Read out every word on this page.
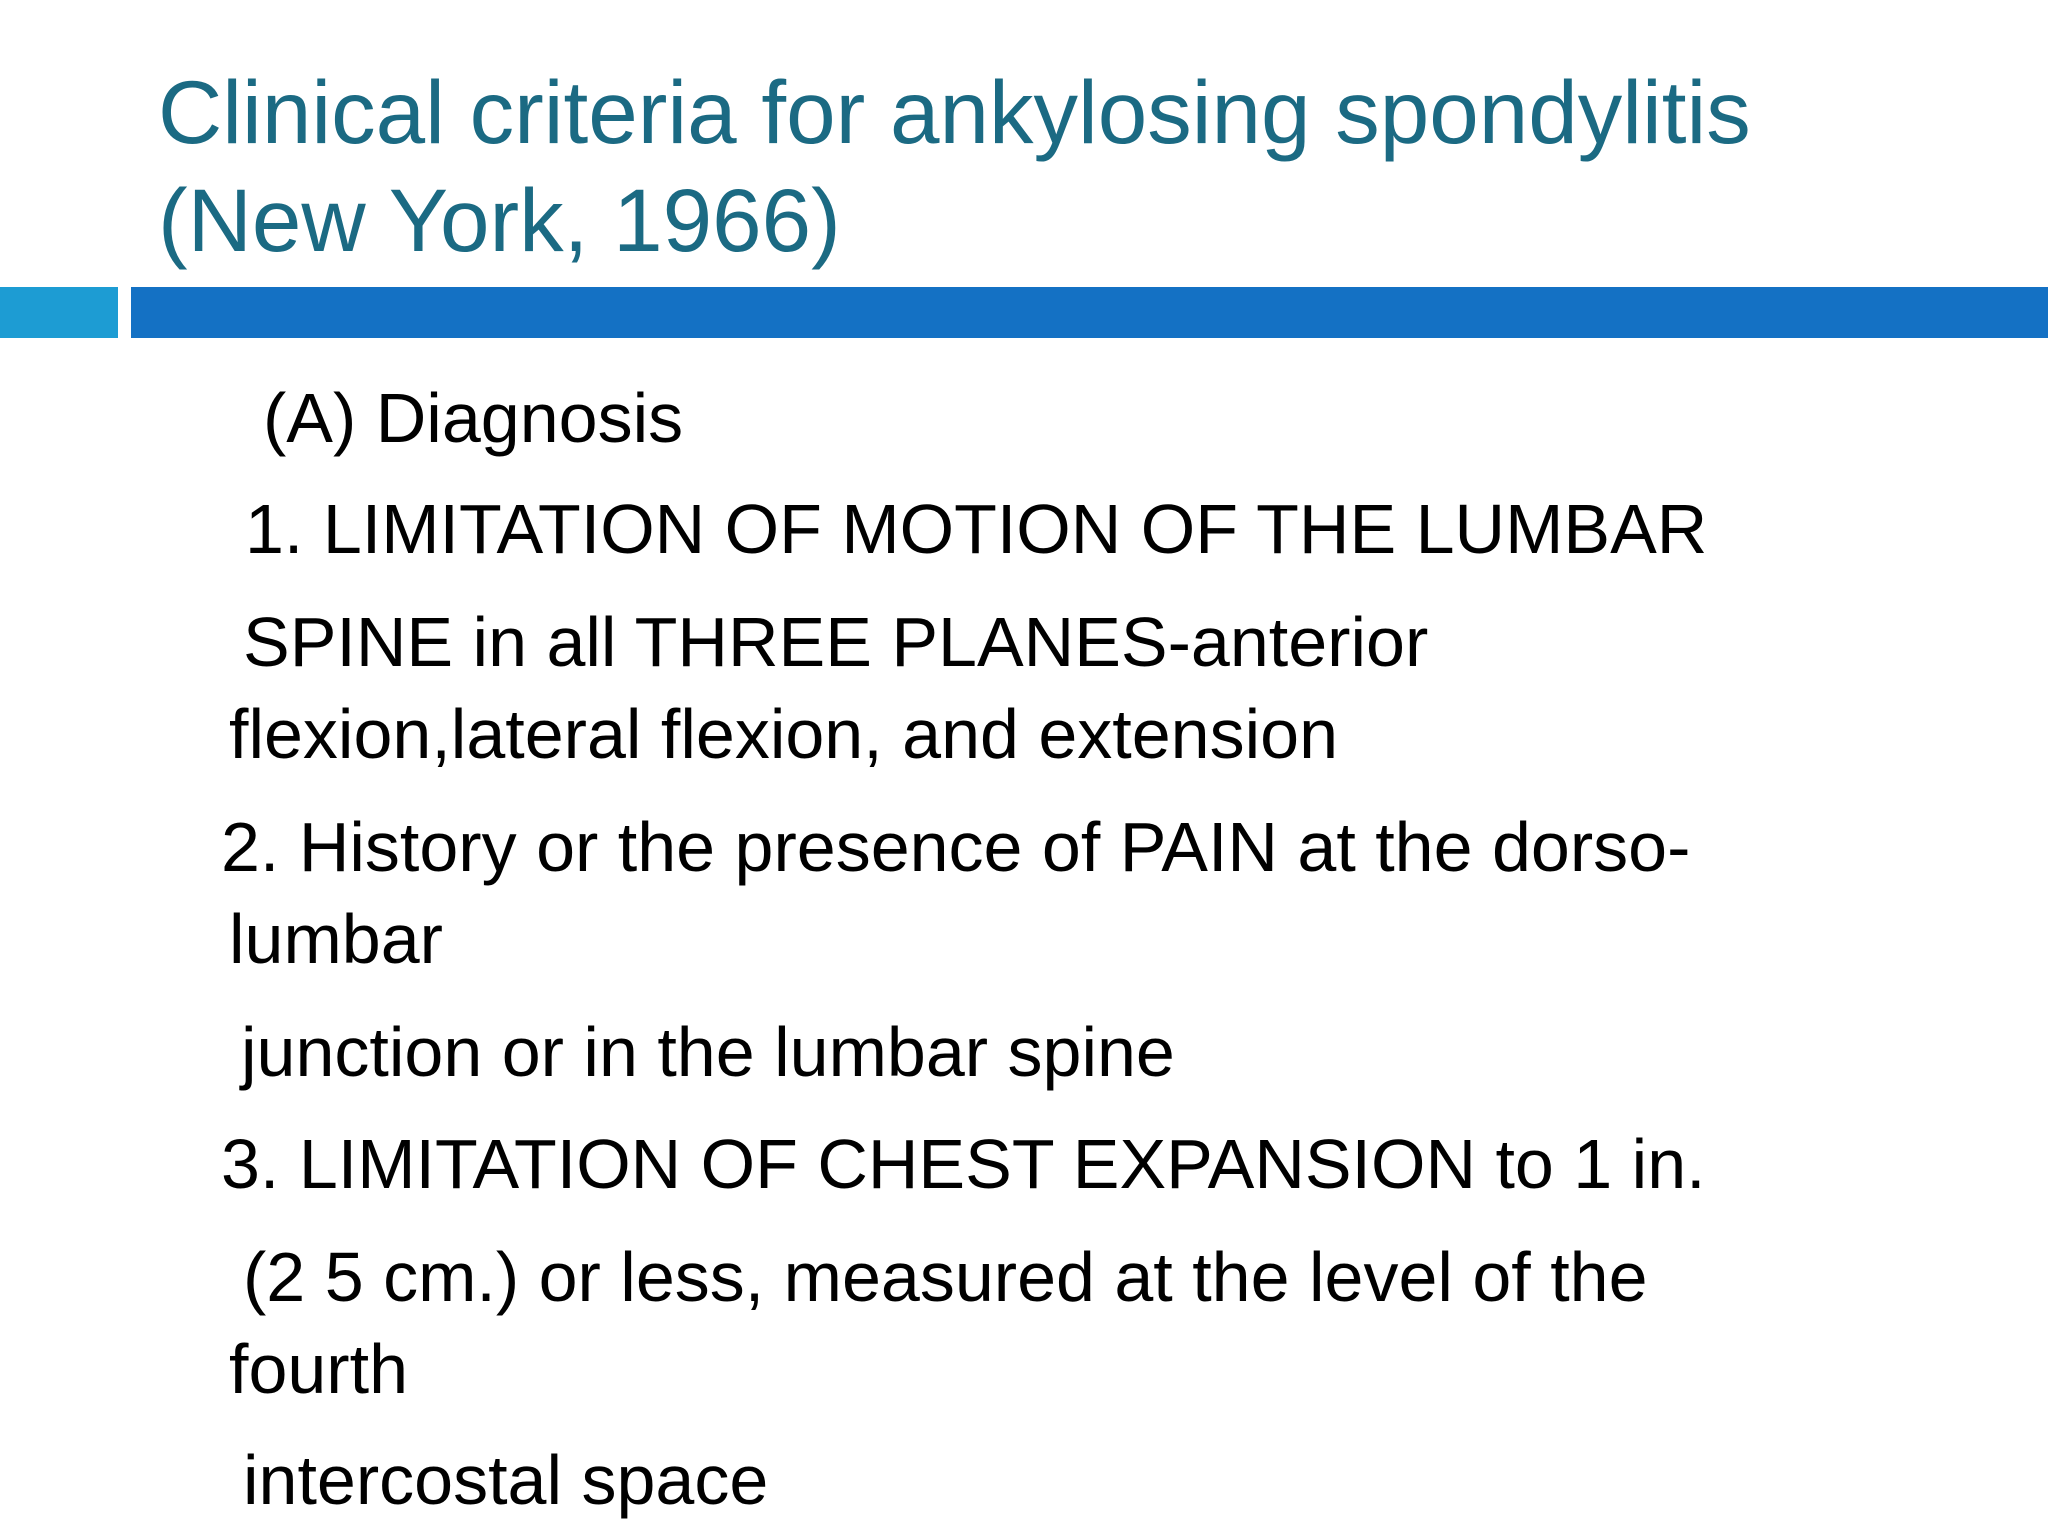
Clinical criteria for ankylosing spondylitis
(New York, 1966)

(A) Diagnosis

1. LIMITATION OF MOTION OF THE LUMBAR

SPINE in all THREE PLANES-anterior

flexion,lateral flexion, and extension

2. History or the presence of PAIN at the dorso-

lumbar

junction or in the lumbar spine

3. LIMITATION OF CHEST EXPANSION to 1 in.

(2 5 cm.) or less, measured at the level of the

fourth

intercostal space
